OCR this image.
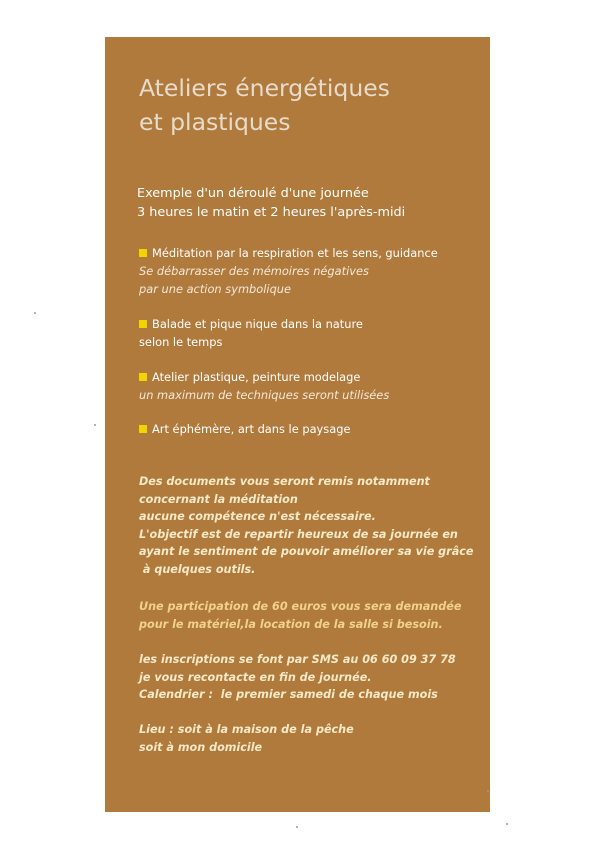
Ateliers énergétiques
et plastiques
Exemple d'un déroulé d'une journée
3 heures le matin et 2 heures l'après-midi
Méditation par la respiration et les sens, guidance
Se débarrasser des mémoires négatives
par une action symbolique
Balade et pique nique dans la nature
selon le temps
Atelier plastique, peinture modelage
un maximum de techniques seront utilisées
Art éphémère, art dans le paysage
Des documents vous seront remis notamment
concernant la méditation
aucune compétence n'est nécessaire.
L'objectif est de repartir heureux de sa journée en
ayant le sentiment de pouvoir améliorer sa vie grâce
à quelques outils.
Une participation de 60 euros vous sera demandée
pour le matériel,la location de la salle si besoin.
les inscriptions se font par SMS au 06 60 09 37 78
je vous recontacte en fin de journée.
Calendrier :  le premier samedi de chaque mois
Lieu : soit à la maison de la pêche
soit à mon domicile
